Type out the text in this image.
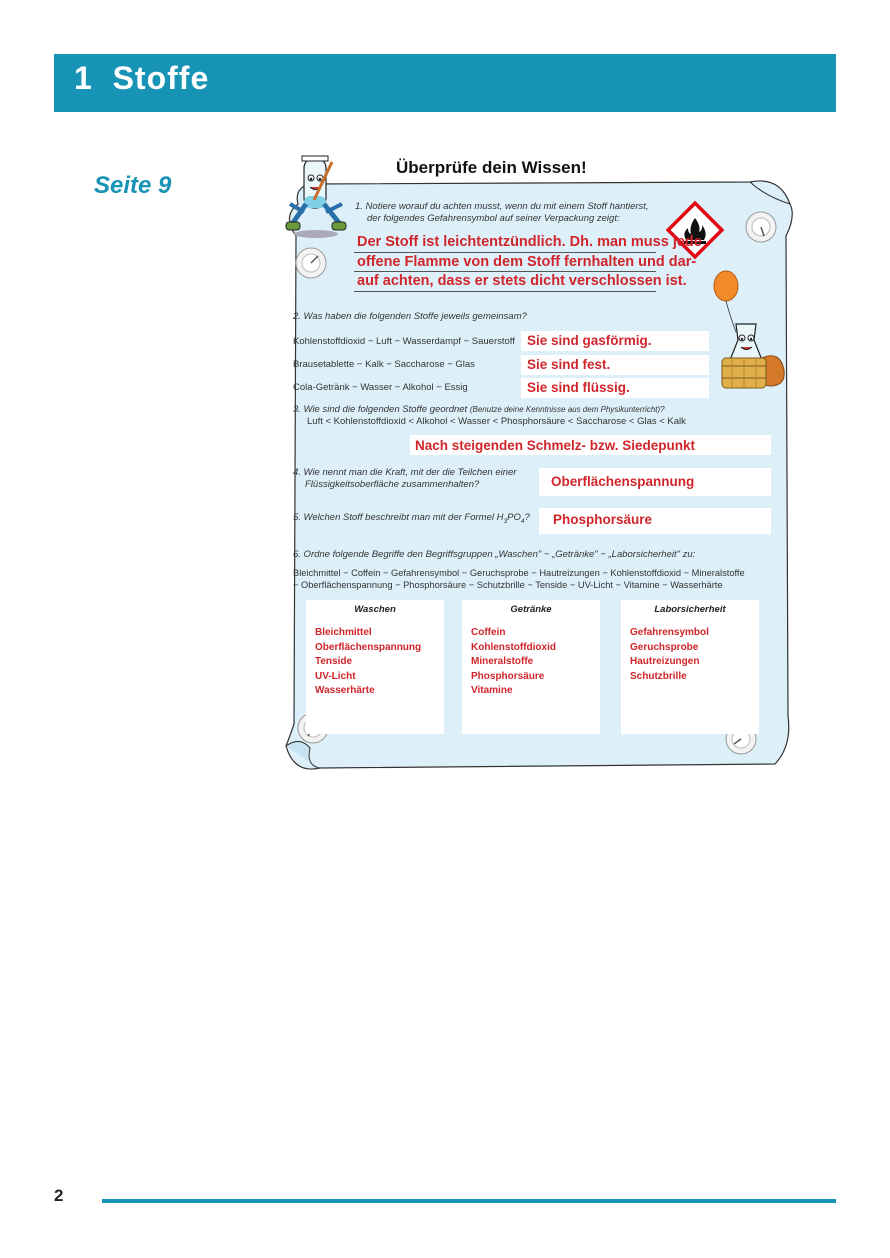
1 Stoffe
Seite 9
Überprüfe dein Wissen!
1. Notiere worauf du achten musst, wenn du mit einem Stoff hantierst,
der folgendes Gefahrensymbol auf seiner Verpackung zeigt:
Der Stoff ist leichtentzündlich. Dh. man muss jede
offene Flamme von dem Stoff fernhalten und dar-
auf achten, dass er stets dicht verschlossen ist.
2. Was haben die folgenden Stoffe jeweils gemeinsam?
Kohlenstoffdioxid − Luft − Wasserdampf − Sauerstoff Sie sind gasförmig.
Brausetablette − Kalk − Saccharose − Glas	Sie sind fest.
Cola-Getränk − Wasser − Alkohol − Essig	Sie sind flüssig.
3. Wie sind die folgenden Stoffe geordnet (Benutze deine Kenntnisse aus dem Physikunterricht)?
Luft < Kohlenstoffdioxid < Alkohol < Wasser < Phosphorsäure < Saccharose < Glas < Kalk
Nach steigenden Schmelz- bzw. Siedepunkt
4. Wie nennt man die Kraft, mit der die Teilchen einer
Flüssigkeitsoberfläche zusammenhalten?	Oberflächenspannung
5. Welchen Stoff beschreibt man mit der Formel $H_3PO_4$? Phosphorsäure
6. Ordne folgende Begriffe den Begriffsgruppen „Waschen" − „Getränke" − „Laborsicherheit" zu:
Bleichmittel − Coffein − Gefahrensymbol − Geruchsprobe − Hautreizungen − Kohlenstoffdioxid − Mineralstoffe
− Oberflächenspannung − Phosphorsäure − Schutzbrille − Tenside − UV-Licht − Vitamine − Wasserhärte
Waschen
Bleichmittel
Oberflächenspannung
Tenside
UV-Licht
Wasserhärte
Getränke
Coffein
Kohlenstoffdioxid
Mineralstoffe
Phosphorsäure
Vitamine
Laborsicherheit
Gefahrensymbol
Geruchsprobe
Hautreizungen
Schutzbrille
2
